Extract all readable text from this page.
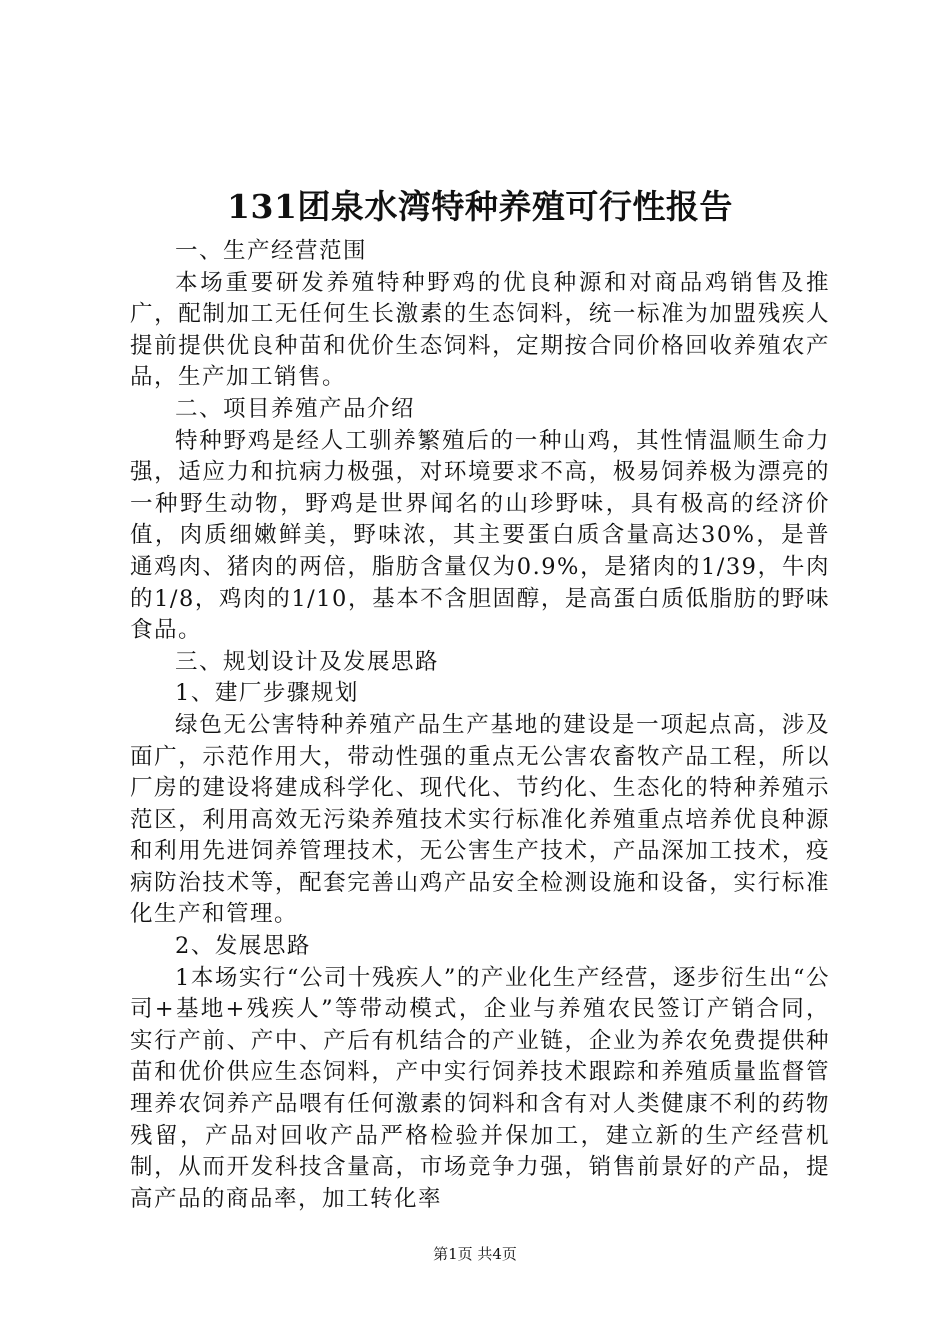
131团泉水湾特种养殖可行性报告

一、生产经营范围

本场重要研发养殖特种野鸡的优良种源和对商品鸡销售及推广，配制加工无任何生长激素的生态饲料，统一标准为加盟残疾人提前提供优良种苗和优价生态饲料，定期按合同价格回收养殖农产品，生产加工销售。

二、项目养殖产品介绍

特种野鸡是经人工驯养繁殖后的一种山鸡，其性情温顺生命力强，适应力和抗病力极强，对环境要求不高，极易饲养极为漂亮的一种野生动物，野鸡是世界闻名的山珍野味，具有极高的经济价值，肉质细嫩鲜美，野味浓，其主要蛋白质含量高达30%，是普通鸡肉、猪肉的两倍，脂肪含量仅为0.9%，是猪肉的1/39，牛肉的1/8，鸡肉的1/10，基本不含胆固醇，是高蛋白质低脂肪的野味食品。

三、规划设计及发展思路

1、建厂步骤规划

绿色无公害特种养殖产品生产基地的建设是一项起点高，涉及面广，示范作用大，带动性强的重点无公害农畜牧产品工程，所以厂房的建设将建成科学化、现代化、节约化、生态化的特种养殖示范区，利用高效无污染养殖技术实行标准化养殖重点培养优良种源和利用先进饲养管理技术，无公害生产技术，产品深加工技术，疫病防治技术等，配套完善山鸡产品安全检测设施和设备，实行标准化生产和管理。

2、发展思路

1本场实行“公司十残疾人”的产业化生产经营，逐步衍生出“公司+基地+残疾人”等带动模式，企业与养殖农民签订产销合同，实行产前、产中、产后有机结合的产业链，企业为养农免费提供种苗和优价供应生态饲料，产中实行饲养技术跟踪和养殖质量监督管理养农饲养产品喂有任何激素的饲料和含有对人类健康不利的药物残留，产品对回收产品严格检验并保加工，建立新的生产经营机制，从而开发科技含量高，市场竞争力强，销售前景好的产品，提高产品的商品率，加工转化率

第1页 共4页
